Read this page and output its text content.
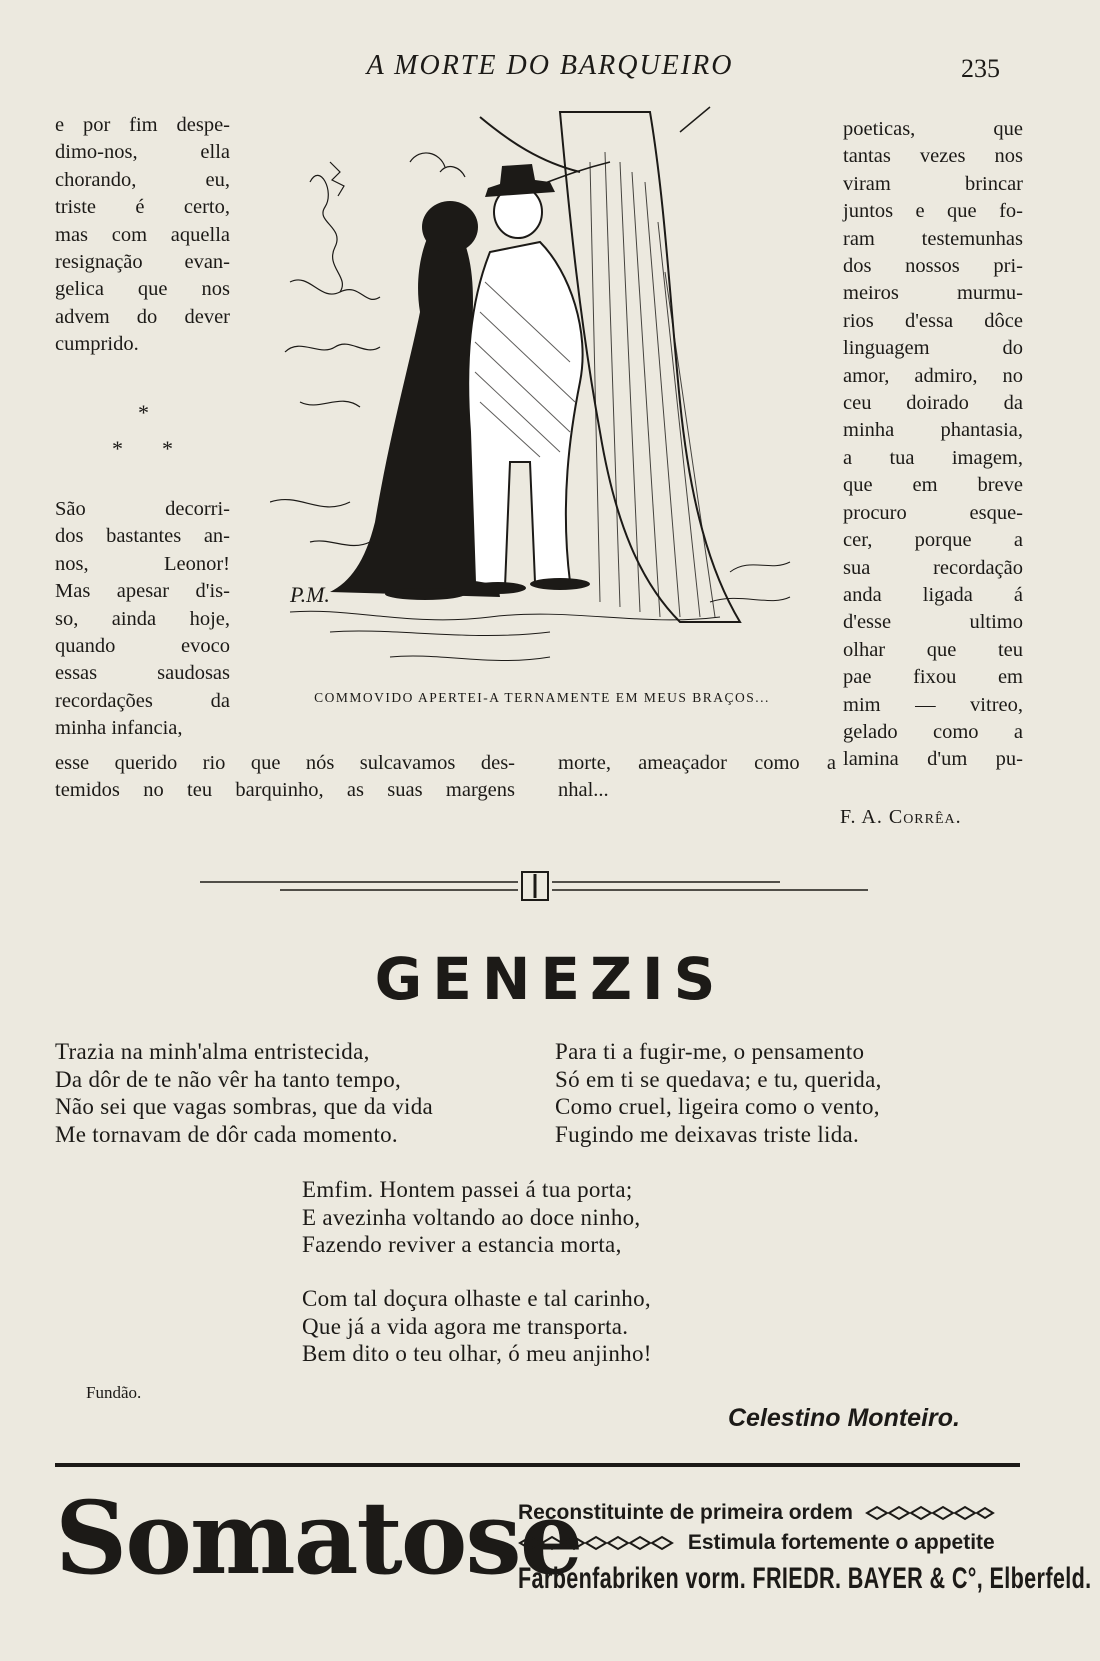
A MORTE DO BARQUEIRO	235
e por fim despe-
dimo-nos, ella
chorando, eu,
triste é certo,
mas com aquella
resignação evan-
gelica que nos
advem do dever
cumprido.
*
* *
São decorri-
dos bastantes an-
nos, Leonor!
Mas apesar d'is-
so, ainda hoje,
quando evoco
essas saudosas
recordações da
minha infancia,
P.M.
COMMOVIDO APERTEI-A TERNAMENTE EM MEUS BRAÇOS...
poeticas, que
tantas vezes nos
viram brincar
juntos e que fo-
ram testemunhas
dos nossos pri-
meiros murmu-
rios d'essa dôce
linguagem do
amor, admiro, no
ceu doirado da
minha phantasia,
a tua imagem,
que em breve
procuro esque-
cer, porque a
sua recordação
anda ligada á
d'esse ultimo
olhar que teu
pae fixou em
mim — vitreo,
gelado como a
lamina d'um pu-
esse querido rio que nós sulcavamos des-
temidos no teu barquinho, as suas margens
morte, ameaçador como a
nhal...
F. A. Corrêa.
GENEZIS
Trazia na minh'alma entristecida,
Da dôr de te não vêr ha tanto tempo,
Não sei que vagas sombras, que da vida
Me tornavam de dôr cada momento.
Para ti a fugir-me, o pensamento
Só em ti se quedava; e tu, querida,
Como cruel, ligeira como o vento,
Fugindo me deixavas triste lida.
Emfim. Hontem passei á tua porta;
E avezinha voltando ao doce ninho,
Fazendo reviver a estancia morta,
Com tal doçura olhaste e tal carinho,
Que já a vida agora me transporta.
Bem dito o teu olhar, ó meu anjinho!
Fundão.
Celestino Monteiro.
Somatose
Reconstituinte de primeira ordem
Estimula fortemente o appetite
Farbenfabriken vorm. FRIEDR. BAYER & C°, Elberfeld.
